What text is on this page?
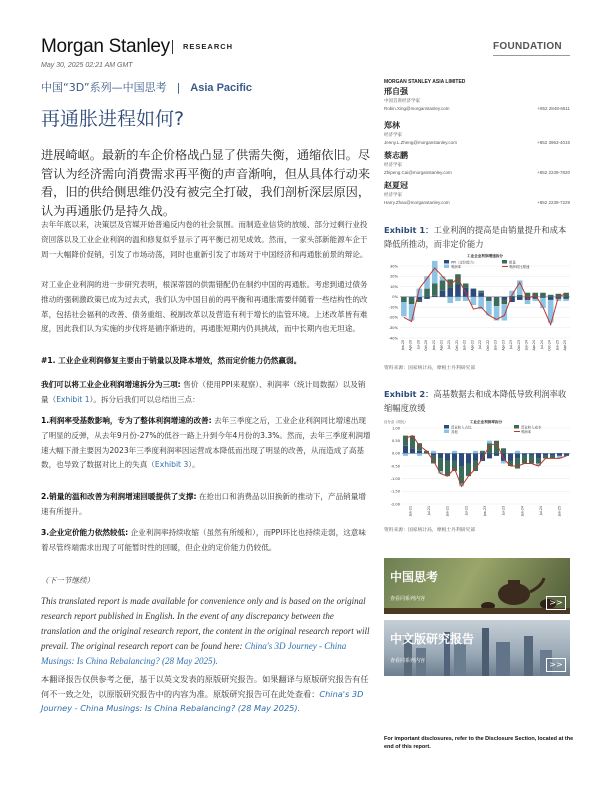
Morgan Stanley RESEARCH	FOUNDATION
May 30, 2025 02:21 AM GMT
中国“3D”系列—中国思考 | Asia Pacific
再通胀进程如何?
进展崎岖。最新的车企价格战凸显了供需失衡，通缩依旧。尽管认为经济需向消费需求再平衡的声音渐响，但从具体行动来看，旧的供给侧思维仍没有被完全打破，我们剖析深层原因，认为再通胀仍是持久战。
去年年底以来，决策层及官媒开始普遍反内卷的社会氛围。而制造业信贷的放缓、部分过剩行业投资回落以及工业企业利润的温和修复似乎显示了再平衡已初见成效。然而，一家头部新能源车企于周一大幅降价促销，引发了市场动荡，同时也重新引发了市场对于中国经济和再通胀前景的辩论。
对工业企业利润的进一步研究表明，根深蒂固的供需错配仍在制约中国的再通胀。考虑到通过债务推动的强刺激政策已成为过去式，我们认为中国目前的再平衡和再通胀需要伴随着一些结构性的改革，包括社会福利的改善、债务重组、税制改革以及营造有利于增长的监管环境。上述改革皆有难度，因此我们认为实施的步伐将是循序渐进的，再通胀短期内仍具挑战，而中长期内也无坦途。
#1. 工业企业利润修复主要由于销量以及降本增效，然而定价能力仍然羸弱。
我们可以将工业企业利润增速拆分为三项: 售价（使用PPI来观察）、利润率（统计局数据）以及销量（Exhibit 1）。拆分后我们可以总结出三点：
1.利润率受基数影响，专为了整体利润增速的改善: 去年三季度之后，工业企业利润同比增速出现了明显的反弹，从去年9月份-27%的低谷一路上升到今年4月份的3.3%。然而，去年三季度利润增速大幅下滑主要因为2023年三季度利润率因运营成本降低而出现了明显的改善，从而造成了高基数，也导致了数据对比上的失真（Exhibit 3）。
2.销量的温和改善为利润增速回暖提供了支撑: 在抢出口和消费品以旧换新的推动下，产品销量增速有所提升。
3.企业定价能力依然较低: 企业利润率持续收缩（虽然有所缓和），而PPI环比也持续走弱，这意味着尽管终端需求出现了可能暂时性的回暖，但企业的定价能力仍较低。
（下一节继续）
This translated report is made available for convenience only and is based on the original research report published in English. In the event of any discrepancy between the translation and the original research report, the content in the original research report will prevail. The original research report can be found here: China's 3D Journey - China Musings: Is China Rebalancing? (28 May 2025).
本翻译报告仅供参考之便，基于以英文发表的原版研究报告。如果翻译与原版研究报告有任何不一致之处，以原版研究报告中的内容为准。原版研究报告可在此处查看：China's 3D Journey - China Musings: Is China Rebalancing? (28 May 2025).
MORGAN STANLEY ASIA LIMITED
邢自强
中国首席经济学家
Robin.Xing@morganstanley.com	+852 2848-6511
郑林
经济学家
Jenny.L.Zheng@morganstanley.com	+852 3963-4015
蔡志鹏
经济学家
Zhipeng.Cai@morganstanley.com	+852 2239-7820
赵夏冠
经济学家
Harry.Zhao@morganstanley.com	+852 2239-7229
Exhibit 1：工业利润的提高是由销量提升和成本降低所推动，而非定价能力
工业企业利润增速拆分
30%
20%
10%
0%
-10%
-20%
-30%
-40%
PPI（定价能力）	销量
利润率	利润同比增速
Jan-20 Apr-20 Jul-20 Oct-20 Jan-21 Apr-21 Jul-21 Oct-21 Jan-22 Apr-22 Jul-22 Oct-22 Jan-23 Apr-23 Jul-23 Oct-23 Jan-24 Apr-24 Jul-24 Oct-24 Jan-25 Apr-25
资料来源：国家统计局，摩根士丹利研究部
Exhibit 2：高基数据去和成本降低导致利润率收缩幅度放缓
工业企业利润率拆分
百分点（同比）
1.00
0.50
0.00
-0.50
-1.00
-1.50
-2.00
营业收入占比	营业收入成本
其他	利润率
Jan-21	Jul-21	Jan-22	Jul-22	Jan-23	Jul-23	Jan-24	Jul-24	Jan-25
资料来源：国家统计局，摩根士丹利研究部
中国思考
查看同系列内容	>>
中文版研究报告
查看同系列内容	>>
For important disclosures, refer to the Disclosure Section, located at the end of this report.
